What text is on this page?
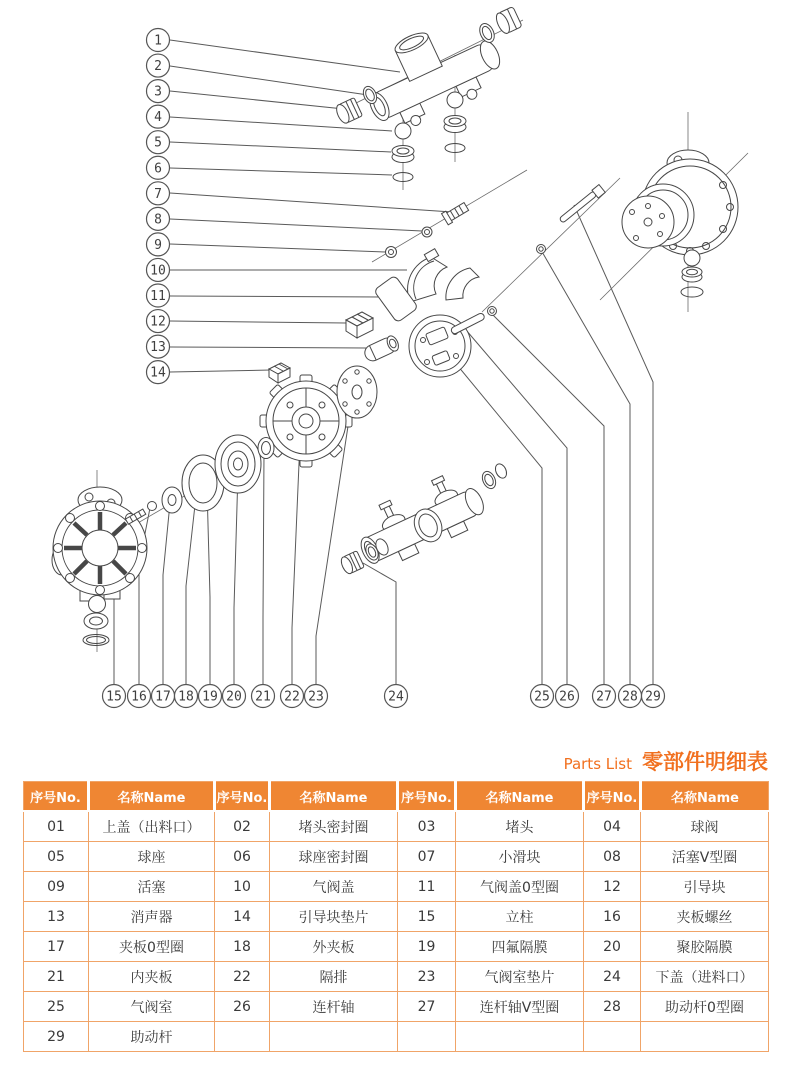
1
2
3
4
5
6
7
8
9
10
11
12
13
14
15 16 17 18 19 20 21 22 23	24	25 26 27 28 29
Parts List 零部件明细表
序号No.	名称Name	序号No.	名称Name	序号No.	名称Name	序号No.	名称Name
01	上盖（出料口）	02	堵头密封圈	03	堵头	04	球阀
05	球座	06	球座密封圈	07	小滑块	08	活塞V型圈
09	活塞	10	气阀盖	11	气阀盖0型圈	12	引导块
13	消声器	14	引导块垫片	15	立柱	16	夹板螺丝
17	夹板0型圈	18	外夹板	19	四氟隔膜	20	聚胶隔膜
21	内夹板	22	隔排	23	气阀室垫片	24	下盖（进料口）
25	气阀室	26	连杆轴	27	连杆轴V型圈	28	助动杆0型圈
29	助动杆						
